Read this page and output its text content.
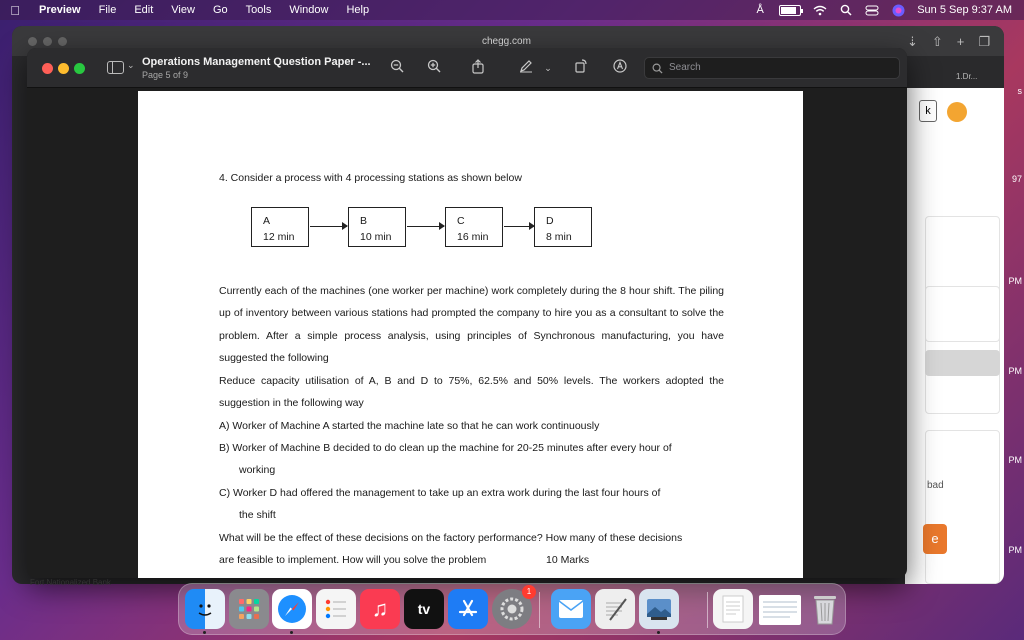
Preview	File	Edit	View	Go	Tools	Window	Help	Å	Sun 5 Sep 9:37 AM
chegg.com	⇣ ⇧ + ❐
1.Dr...
k
bad
e
s
97
PM
PM
PM
PM
⌄ Operations Management Question Paper -...
Page 5 of 9
⌄	Search
4. Consider a process with 4 processing stations as shown below
A
12 min
B
10 min
C
16 min
D
8 min
Currently each of the machines (one worker per machine) work completely during the 8 hour shift. The piling up of inventory between various stations had prompted the company to hire you as a consultant to solve the problem. After a simple process analysis, using principles of Synchronous manufacturing, you have suggested the following
Reduce capacity utilisation of A, B and D to 75%, 62.5% and 50% levels. The workers adopted the suggestion in the following way
A) Worker of Machine A started the machine late so that he can work continuously
B) Worker of Machine B decided to do clean up the machine for 20-25 minutes after every hour of
working
C) Worker D had offered the management to take up an extra work during the last four hours of
the shift
What will be the effect of these decisions on the factory performance? How many of these decisions
are feasible to implement. How will you solve the problem	10 Marks
Fort Nationalized Bank
♫	tv
1
